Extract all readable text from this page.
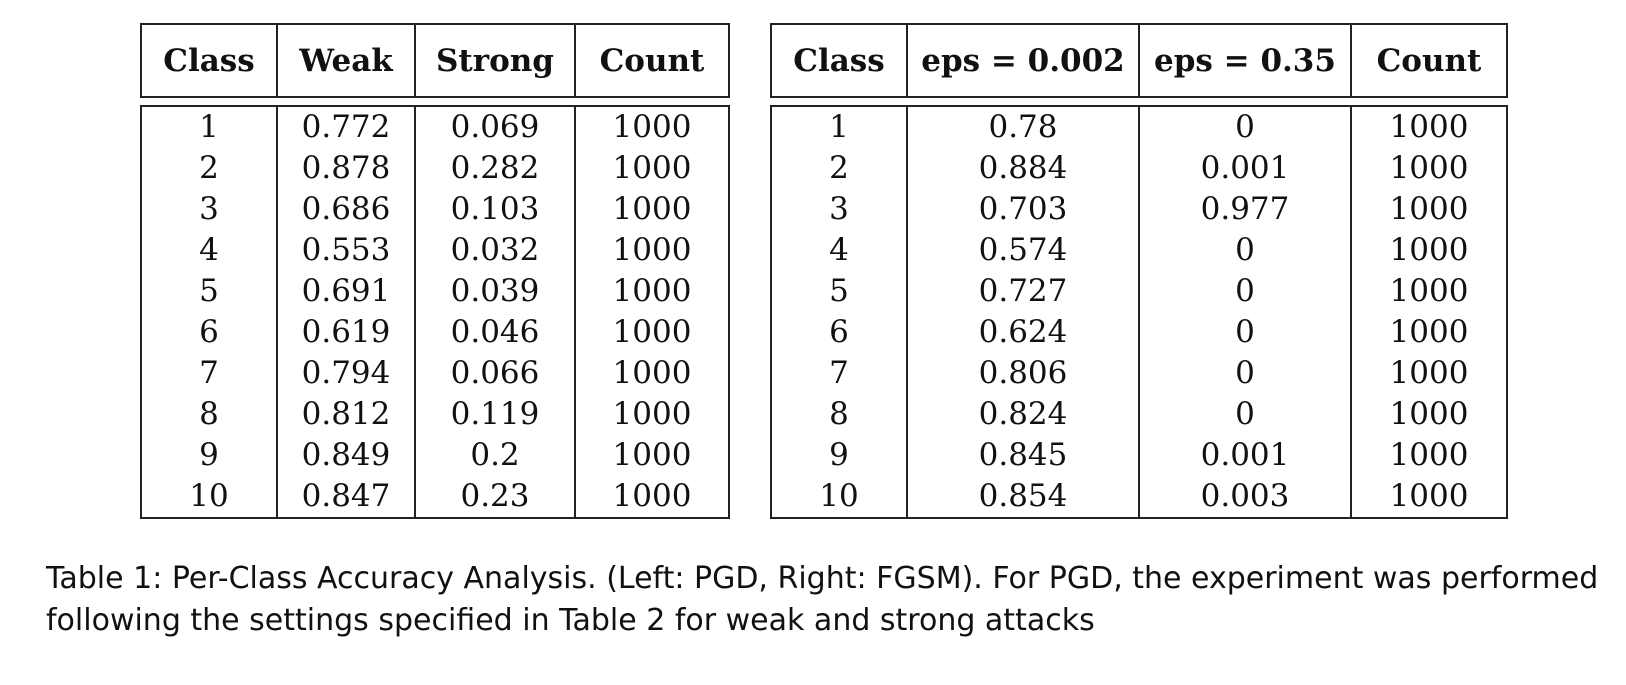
Class	Weak	Strong	Count

1	0.772	0.069	1000
2	0.878	0.282	1000
3	0.686	0.103	1000
4	0.553	0.032	1000
5	0.691	0.039	1000
6	0.619	0.046	1000
7	0.794	0.066	1000
8	0.812	0.119	1000
9	0.849	0.2	1000
10	0.847	0.23	1000
Class	eps = 0.002	eps = 0.35	Count

1	0.78	0	1000
2	0.884	0.001	1000
3	0.703	0.977	1000
4	0.574	0	1000
5	0.727	0	1000
6	0.624	0	1000
7	0.806	0	1000
8	0.824	0	1000
9	0.845	0.001	1000
10	0.854	0.003	1000

Table 1: Per-Class Accuracy Analysis. (Left: PGD, Right: FGSM). For PGD, the experiment was performed following the settings specified in Table 2 for weak and strong attacks
